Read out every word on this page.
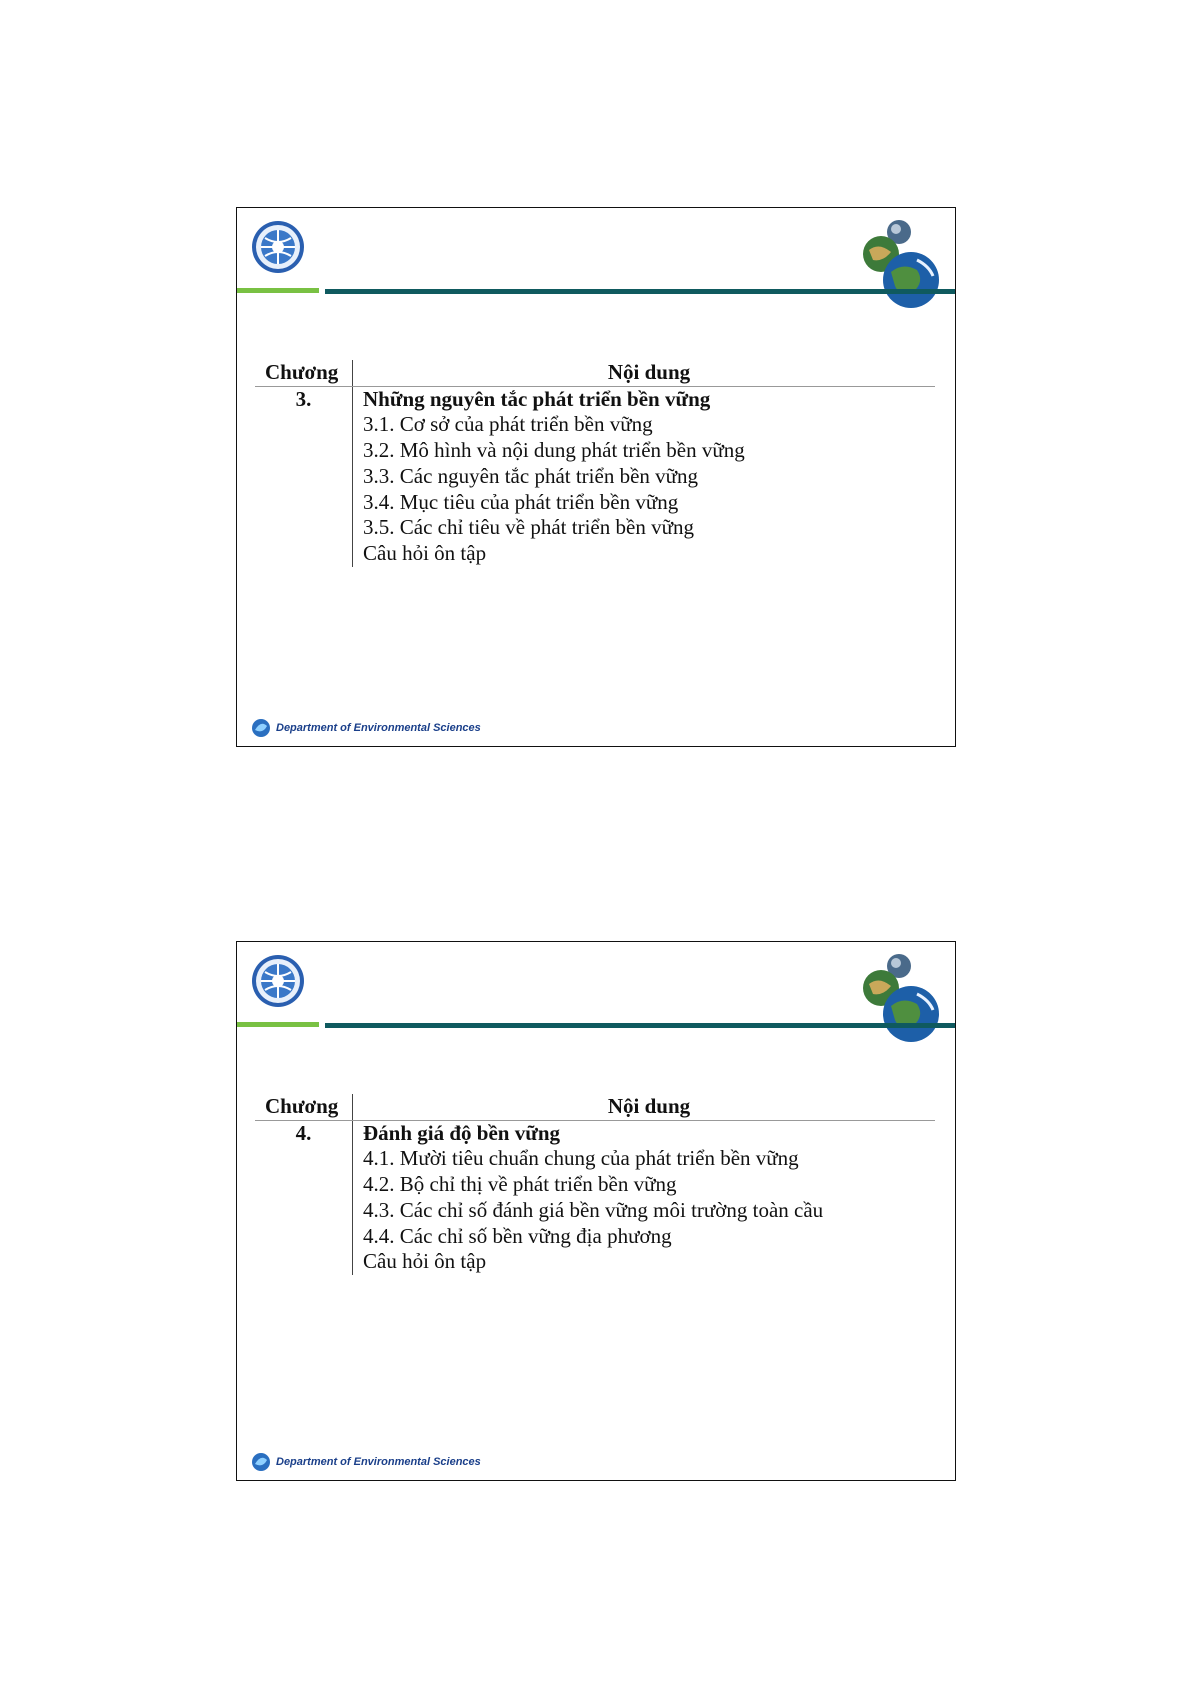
Chương	Nội dung
3.	Những nguyên tắc phát triển bền vững
3.1. Cơ sở của phát triển bền vững
3.2. Mô hình và nội dung phát triển bền vững
3.3. Các nguyên tắc phát triển bền vững
3.4. Mục tiêu của phát triển bền vững
3.5. Các chỉ tiêu về phát triển bền vững
Câu hỏi ôn tập
Department of Environmental Sciences
Chương	Nội dung
4.	Đánh giá độ bền vững
4.1. Mười tiêu chuẩn chung của phát triển bền vững
4.2. Bộ chỉ thị về phát triển bền vững
4.3. Các chỉ số đánh giá bền vững môi trường toàn cầu
4.4. Các chỉ số bền vững địa phương
Câu hỏi ôn tập
Department of Environmental Sciences
